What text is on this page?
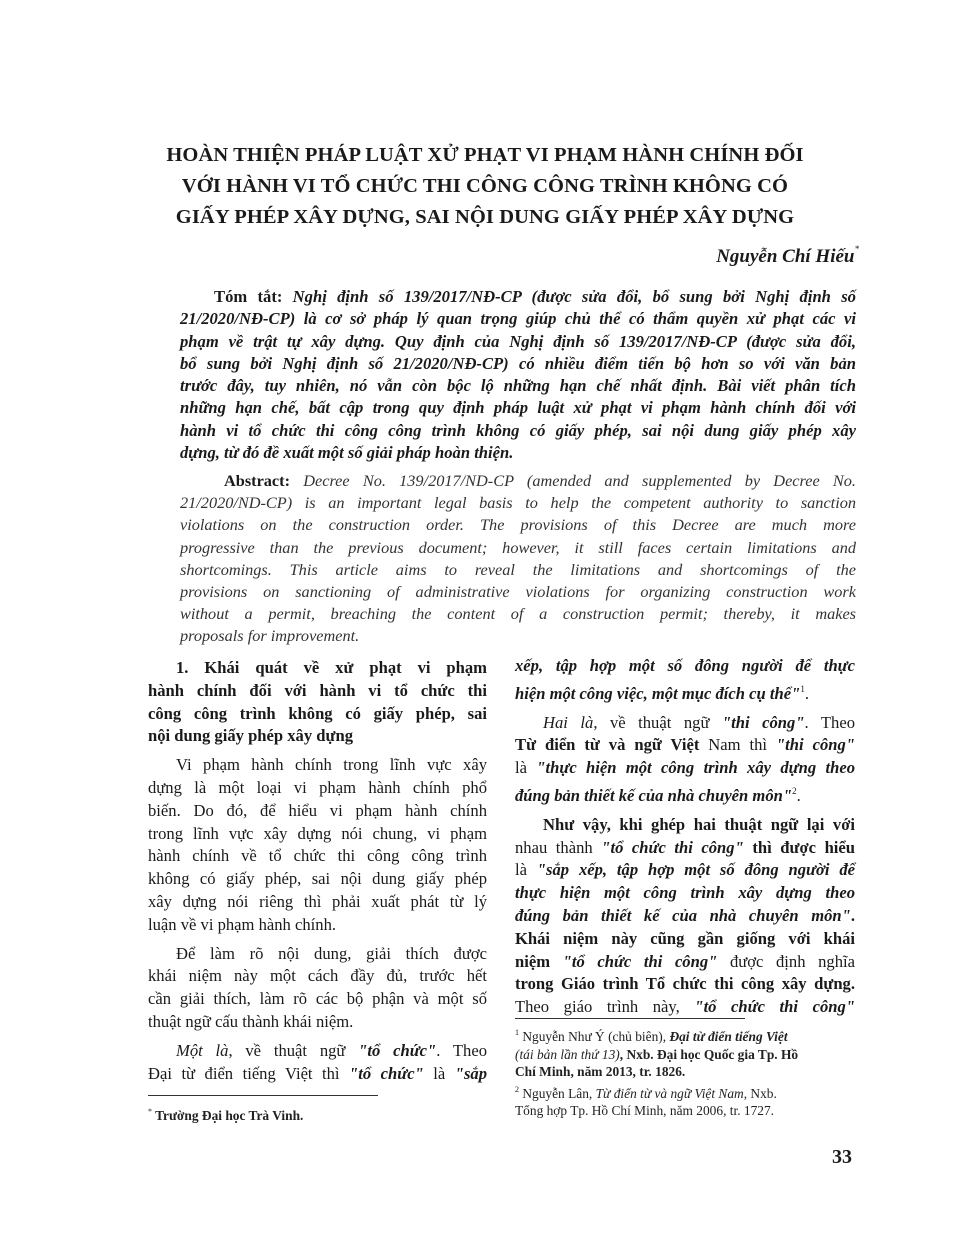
HOÀN THIỆN PHÁP LUẬT XỬ PHẠT VI PHẠM HÀNH CHÍNH ĐỐI
VỚI HÀNH VI TỔ CHỨC THI CÔNG CÔNG TRÌNH KHÔNG CÓ
GIẤY PHÉP XÂY DỰNG, SAI NỘI DUNG GIẤY PHÉP XÂY DỰNG
Nguyễn Chí Hiếu*
Tóm tắt: Nghị định số 139/2017/NĐ-CP (được sửa đổi, bổ sung bởi Nghị định số
21/2020/NĐ-CP) là cơ sở pháp lý quan trọng giúp chủ thể có thẩm quyền xử phạt các vi
phạm về trật tự xây dựng. Quy định của Nghị định số 139/2017/NĐ-CP (được sửa đổi,
bổ sung bởi Nghị định số 21/2020/NĐ-CP) có nhiều điểm tiến bộ hơn so với văn bản
trước đây, tuy nhiên, nó vẫn còn bộc lộ những hạn chế nhất định. Bài viết phân tích
những hạn chế, bất cập trong quy định pháp luật xử phạt vi phạm hành chính đối với
hành vi tổ chức thi công công trình không có giấy phép, sai nội dung giấy phép xây
dựng, từ đó đề xuất một số giải pháp hoàn thiện.
Abstract: Decree No. 139/2017/ND-CP (amended and supplemented by Decree No.
21/2020/ND-CP) is an important legal basis to help the competent authority to sanction
violations on the construction order. The provisions of this Decree are much more
progressive than the previous document; however, it still faces certain limitations and
shortcomings. This article aims to reveal the limitations and shortcomings of the
provisions on sanctioning of administrative violations for organizing construction work
without a permit, breaching the content of a construction permit; thereby, it makes
proposals for improvement.
1. Khái quát về xử phạt vi phạm
hành chính đối với hành vi tổ chức thi
công công trình không có giấy phép, sai
nội dung giấy phép xây dựng
Vi phạm hành chính trong lĩnh vực xây
dựng là một loại vi phạm hành chính phổ
biến. Do đó, để hiểu vi phạm hành chính
trong lĩnh vực xây dựng nói chung, vi phạm
hành chính về tổ chức thi công công trình
không có giấy phép, sai nội dung giấy phép
xây dựng nói riêng thì phải xuất phát từ lý
luận về vi phạm hành chính.
Để làm rõ nội dung, giải thích được
khái niệm này một cách đầy đủ, trước hết
cần giải thích, làm rõ các bộ phận và một số
thuật ngữ cấu thành khái niệm.
Một là, về thuật ngữ "tổ chức". Theo
Đại từ điển tiếng Việt thì "tổ chức" là "sắp
xếp, tập hợp một số đông người để thực
hiện một công việc, một mục đích cụ thể"$^1$.
Hai là, về thuật ngữ "thi công". Theo
Từ điển từ và ngữ Việt Nam thì "thi công"
là "thực hiện một công trình xây dựng theo
đúng bản thiết kế của nhà chuyên môn"$^2$.
Như vậy, khi ghép hai thuật ngữ lại với
nhau thành "tổ chức thi công" thì được hiểu
là "sắp xếp, tập hợp một số đông người để
thực hiện một công trình xây dựng theo
đúng bản thiết kế của nhà chuyên môn".
Khái niệm này cũng gần giống với khái
niệm "tổ chức thi công" được định nghĩa
trong Giáo trình Tổ chức thi công xây dựng.
Theo giáo trình này, "tổ chức thi công"
* Trường Đại học Trà Vinh.
$^1$ Nguyễn Như Ý (chủ biên), Đại từ điển tiếng Việt
(tái bản lần thứ 13), Nxb. Đại học Quốc gia Tp. Hồ
Chí Minh, năm 2013, tr. 1826.
$^2$ Nguyễn Lân, Từ điển từ và ngữ Việt Nam, Nxb.
Tổng hợp Tp. Hồ Chí Minh, năm 2006, tr. 1727.
33
